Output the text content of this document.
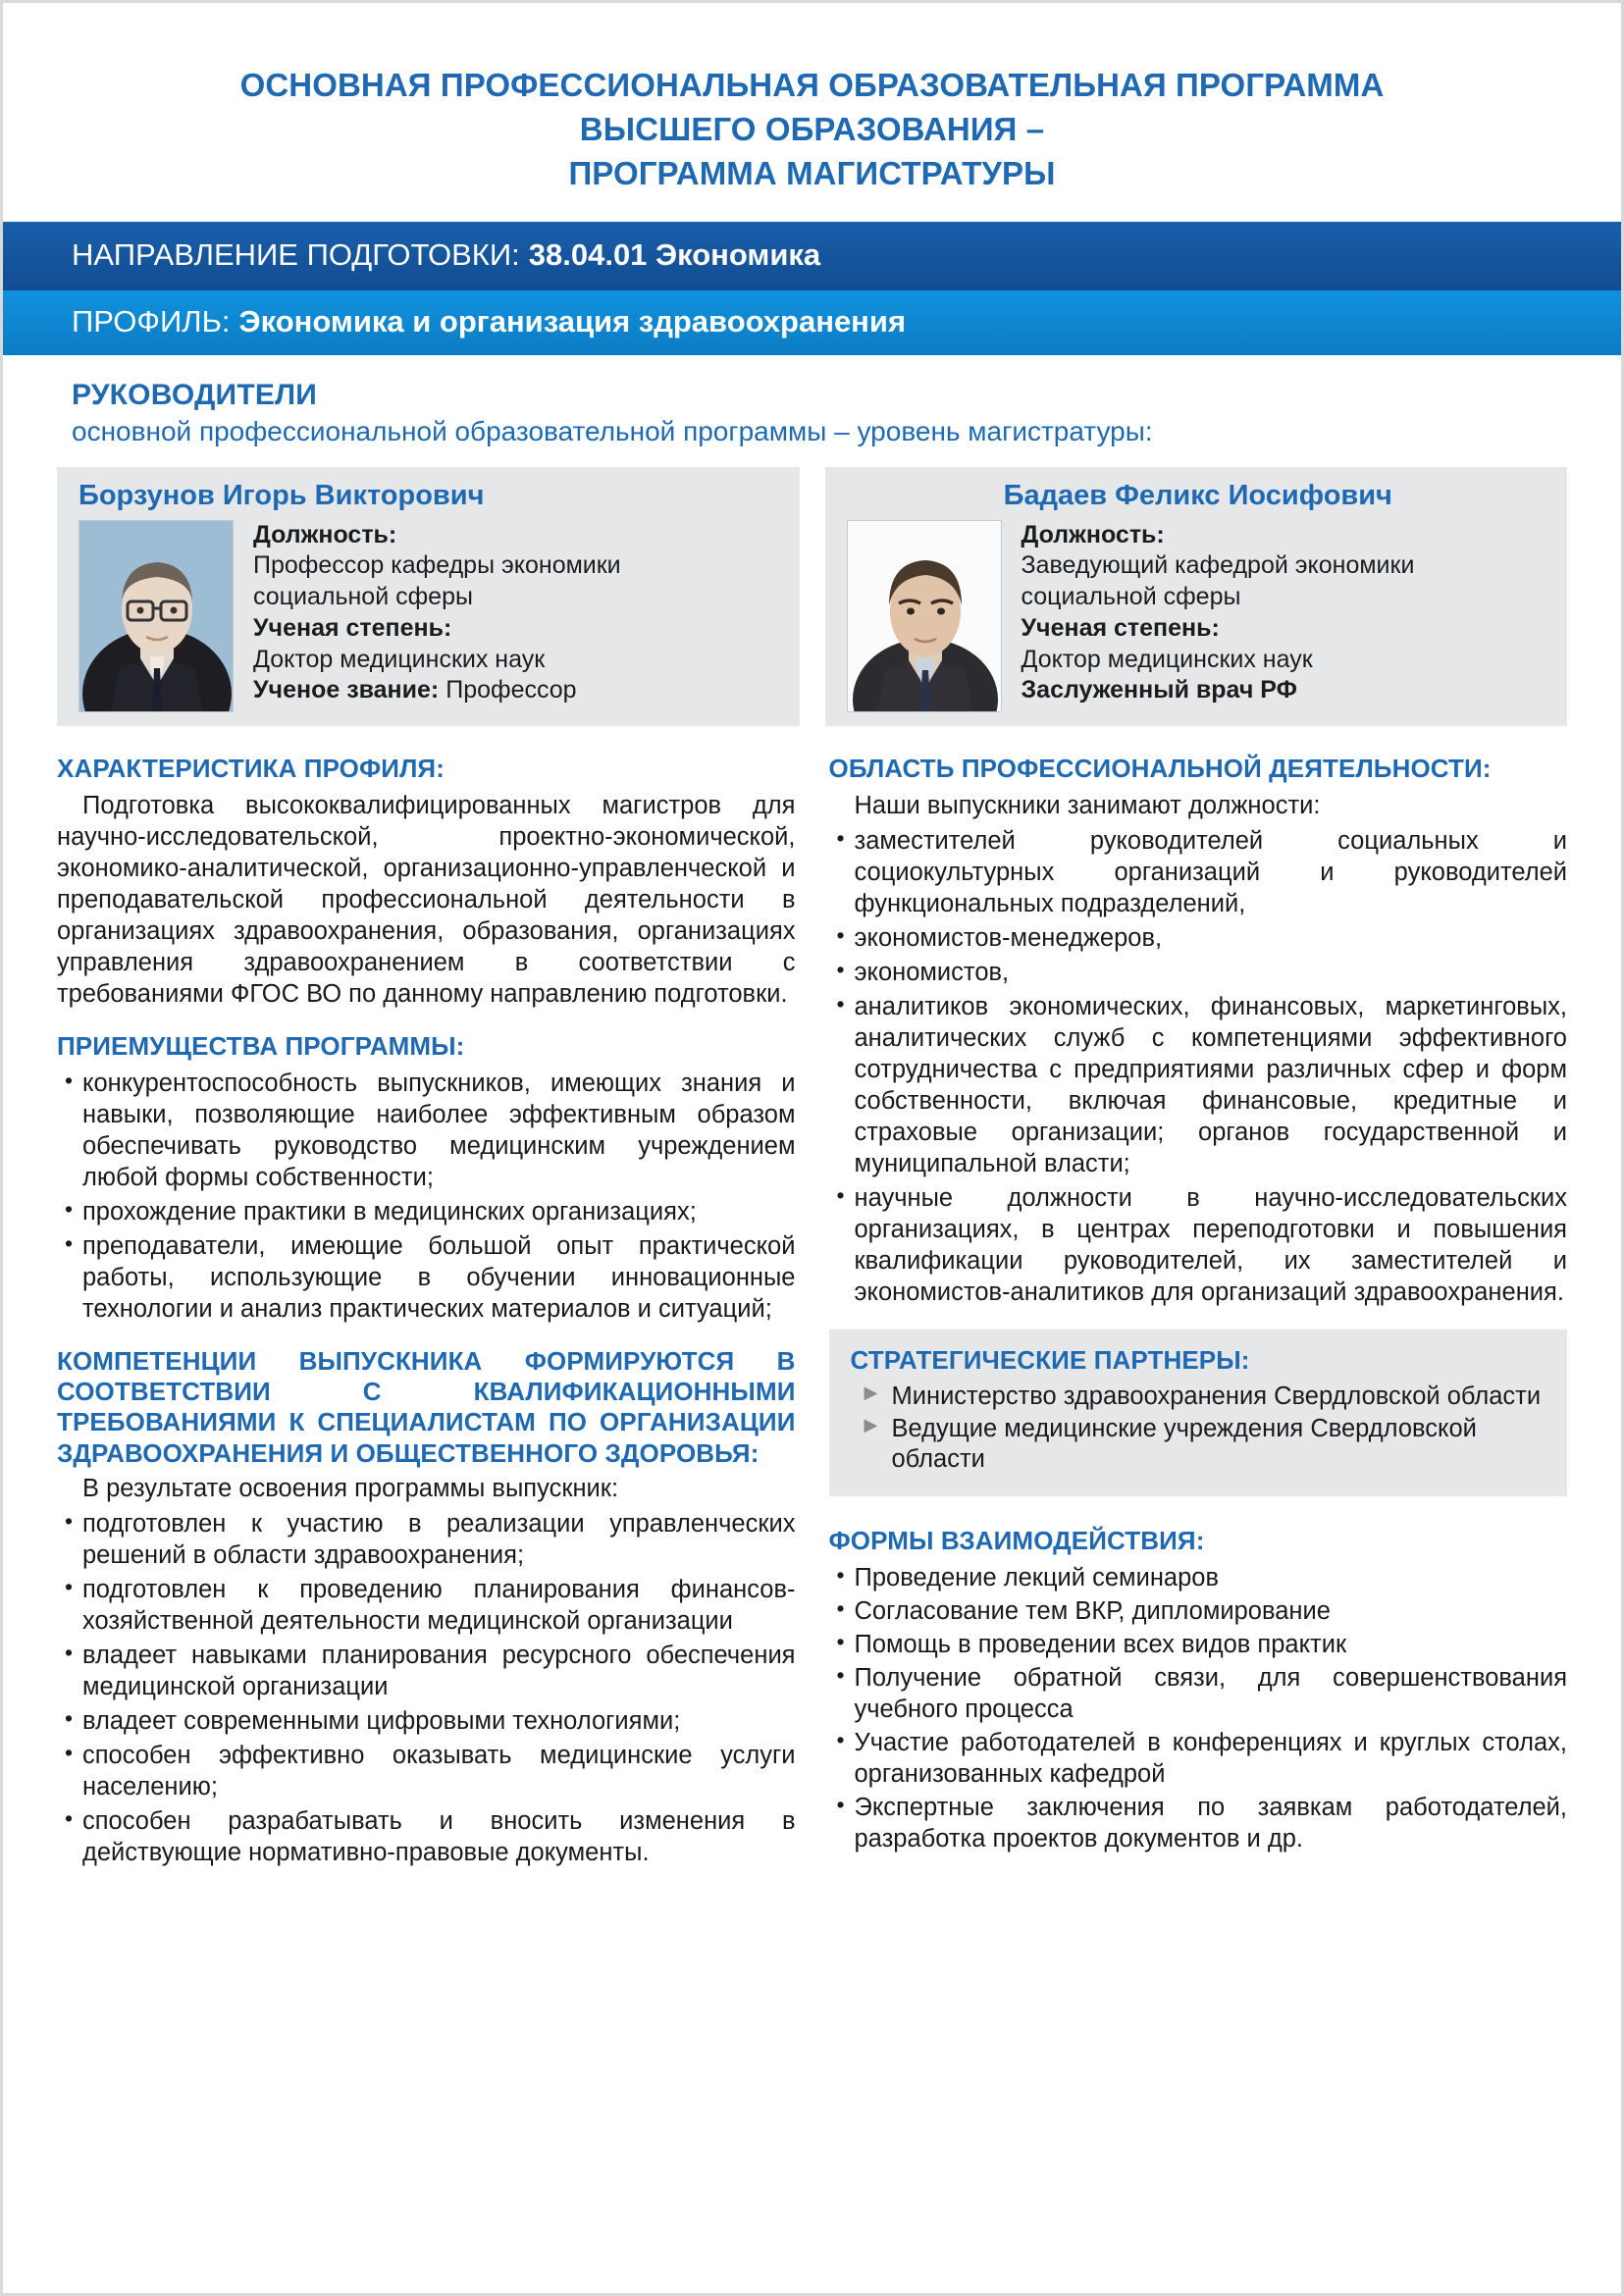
ОСНОВНАЯ ПРОФЕССИОНАЛЬНАЯ ОБРАЗОВАТЕЛЬНАЯ ПРОГРАММА
ВЫСШЕГО ОБРАЗОВАНИЯ –
ПРОГРАММА МАГИСТРАТУРЫ
НАПРАВЛЕНИЕ ПОДГОТОВКИ: 38.04.01 Экономика
ПРОФИЛЬ: Экономика и организация здравоохранения
РУКОВОДИТЕЛИ
основной профессиональной образовательной программы – уровень магистратуры:
Борзунов Игорь Викторович
Должность:
Профессор кафедры экономики
социальной сферы
Ученая степень:
Доктор медицинских наук
Ученое звание: Профессор
Бадаев Феликс Иосифович
Должность:
Заведующий кафедрой экономики
социальной сферы
Ученая степень:
Доктор медицинских наук
Заслуженный врач РФ
ХАРАКТЕРИСТИКА ПРОФИЛЯ:

Подготовка высококвалифицированных магистров для научно-исследовательской, проектно-экономической, экономико-аналитической, организационно-управленческой и преподавательской профессиональной деятельности в организациях здравоохранения, образования, организациях управления здравоохранением в соответствии с требованиями ФГОС ВО по данному направлению подготовки.

ПРИЕМУЩЕСТВА ПРОГРАММЫ:
• конкурентоспособность выпускников, имеющих знания и навыки, позволяющие наиболее эффективным образом обеспечивать руководство медицинским учреждением любой формы собственности;
• прохождение практики в медицинских организациях;
• преподаватели, имеющие большой опыт практической работы, использующие в обучении инновационные технологии и анализ практических материалов и ситуаций;
КОМПЕТЕНЦИИ ВЫПУСКНИКА ФОРМИРУЮТСЯ В СООТВЕТСТВИИ С КВАЛИФИКАЦИОННЫМИ ТРЕБОВАНИЯМИ К СПЕЦИАЛИСТАМ ПО ОРГАНИЗАЦИИ ЗДРАВООХРАНЕНИЯ И ОБЩЕСТВЕННОГО ЗДОРОВЬЯ:

В результате освоения программы выпускник:

• подготовлен к участию в реализации управленческих решений в области здравоохранения;
• подготовлен к проведению планирования финансов-хозяйственной деятельности медицинской организации
• владеет навыками планирования ресурсного обеспечения медицинской организации
• владеет современными цифровыми технологиями;
• способен эффективно оказывать медицинские услуги населению;
• способен разрабатывать и вносить изменения в действующие нормативно-правовые документы.
ОБЛАСТЬ ПРОФЕССИОНАЛЬНОЙ ДЕЯТЕЛЬНОСТИ:

Наши выпускники занимают должности:

• заместителей руководителей социальных и социокультурных организаций и руководителей функциональных подразделений,
• экономистов-менеджеров,
• экономистов,
• аналитиков экономических, финансовых, маркетинговых, аналитических служб с компетенциями эффективного сотрудничества с предприятиями различных сфер и форм собственности, включая финансовые, кредитные и страховые организации; органов государственной и муниципальной власти;
• научные должности в научно-исследовательских организациях, в центрах переподготовки и повышения квалификации руководителей, их заместителей и экономистов-аналитиков для организаций здравоохранения.
СТРАТЕГИЧЕСКИЕ ПАРТНЕРЫ:
▶ Министерство здравоохранения Свердловской области
▶ Ведущие медицинские учреждения Свердловской области
ФОРМЫ ВЗАИМОДЕЙСТВИЯ:
• Проведение лекций семинаров
• Согласование тем ВКР, дипломирование
• Помощь в проведении всех видов практик
• Получение обратной связи, для совершенствования учебного процесса
• Участие работодателей в конференциях и круглых столах, организованных кафедрой
• Экспертные заключения по заявкам работодателей, разработка проектов документов и др.
